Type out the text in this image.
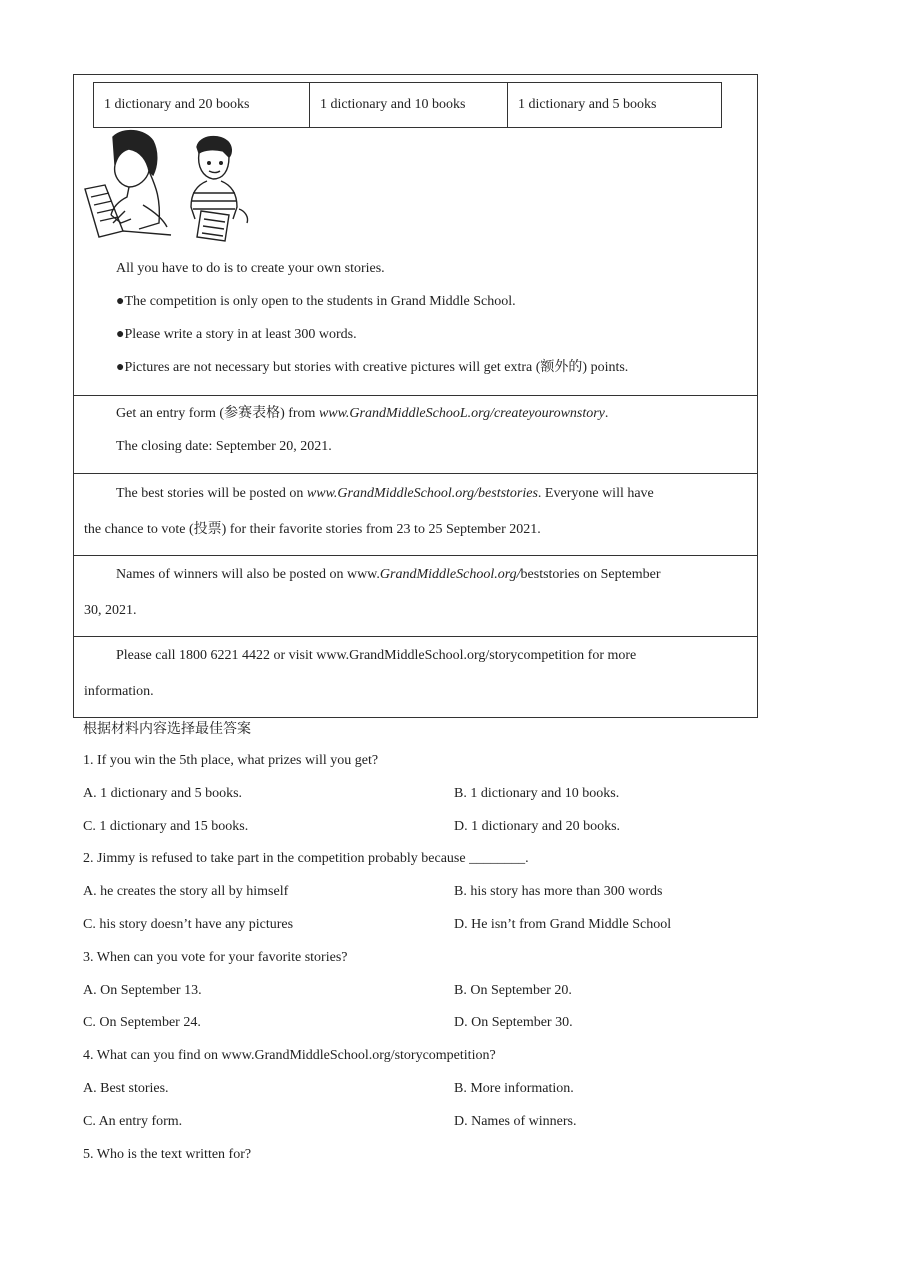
1 dictionary and 20 books	1 dictionary and 10 books	1 dictionary and 5 books
All you have to do is to create your own stories.
●The competition is only open to the students in Grand Middle School.
●Please write a story in at least 300 words.
●Pictures are not necessary but stories with creative pictures will get extra (额外的) points.
Get an entry form (参赛表格) from www.GrandMiddleSchooL.org/createyourownstory.
The closing date: September 20, 2021.
The best stories will be posted on www.GrandMiddleSchool.org/beststories. Everyone will have
the chance to vote (投票) for their favorite stories from 23 to 25 September 2021.
Names of winners will also be posted on www.GrandMiddleSchool.org/beststories on September
30, 2021.
Please call 1800 6221 4422 or visit www.GrandMiddleSchool.org/storycompetition for more
information.
根据材料内容选择最佳答案
1. If you win the 5th place, what prizes will you get?
A. 1 dictionary and 5 books.	B. 1 dictionary and 10 books.
C. 1 dictionary and 15 books.	D. 1 dictionary and 20 books.
2. Jimmy is refused to take part in the competition probably because ________.
A. he creates the story all by himself	B. his story has more than 300 words
C. his story doesn’t have any pictures	D. He isn’t from Grand Middle School
3. When can you vote for your favorite stories?
A. On September 13.	B. On September 20.
C. On September 24.	D. On September 30.
4. What can you find on www.GrandMiddleSchool.org/storycompetition?
A. Best stories.	B. More information.
C. An entry form.	D. Names of winners.
5. Who is the text written for?
